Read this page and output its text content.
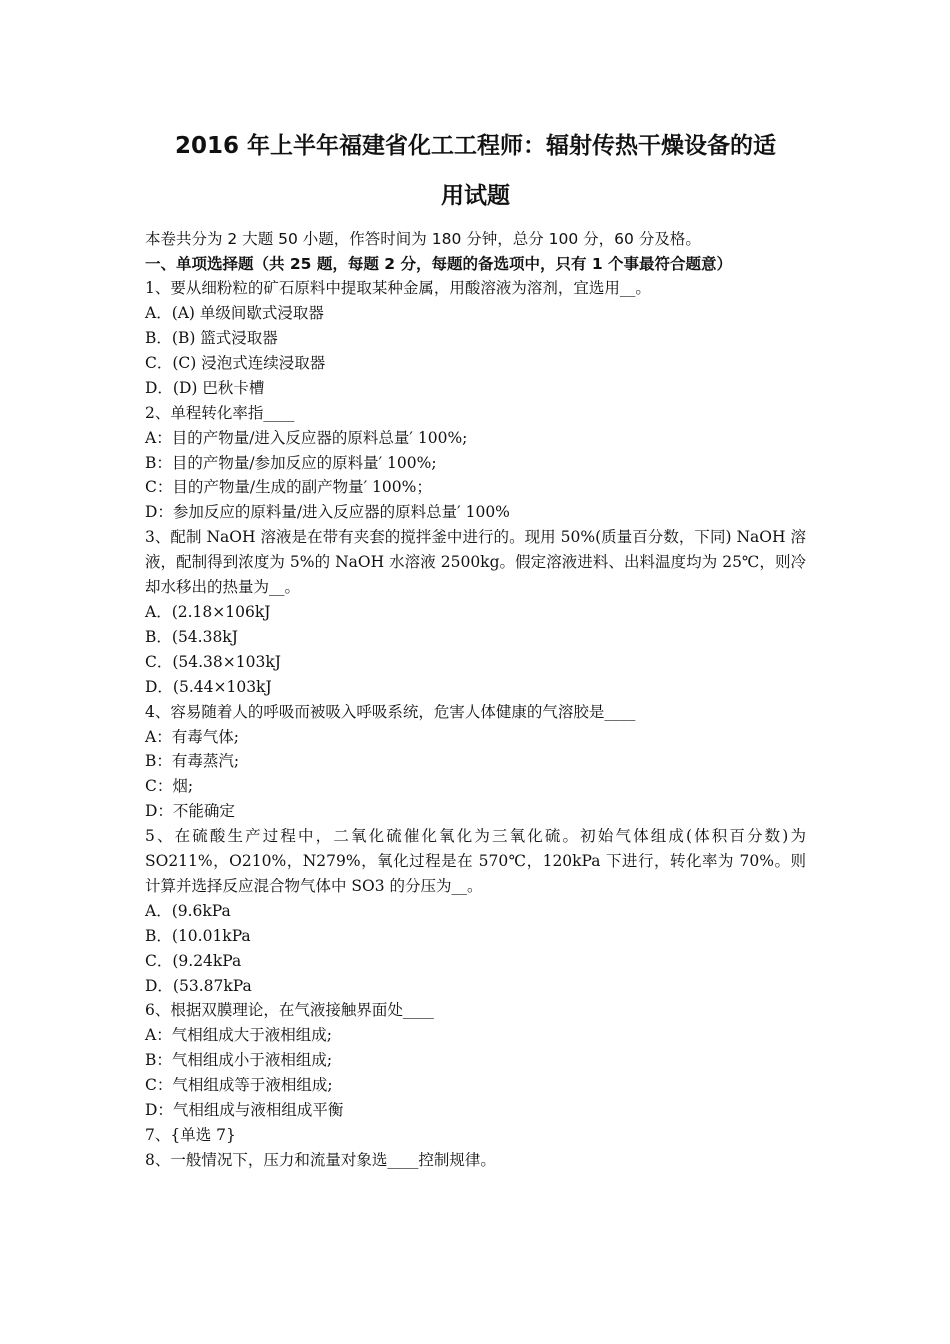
2016 年上半年福建省化工工程师：辐射传热干燥设备的适
用试题
本卷共分为 2 大题 50 小题，作答时间为 180 分钟，总分 100 分，60 分及格。
一、单项选择题（共 25 题，每题 2 分，每题的备选项中，只有 1 个事最符合题意）
1、要从细粉粒的矿石原料中提取某种金属，用酸溶液为溶剂，宜选用__。
A．(A) 单级间歇式浸取器
B．(B) 篮式浸取器
C．(C) 浸泡式连续浸取器
D．(D) 巴秋卡槽
2、单程转化率指____
A：目的产物量/进入反应器的原料总量′ 100%;
B：目的产物量/参加反应的原料量′ 100%;
C：目的产物量/生成的副产物量′ 100%；
D：参加反应的原料量/进入反应器的原料总量′ 100%
3、配制 NaOH 溶液是在带有夹套的搅拌釜中进行的。现用 50%(质量百分数，下同) NaOH 溶液，配制得到浓度为 5%的 NaOH 水溶液 2500kg。假定溶液进料、出料温度均为 25℃，则冷却水移出的热量为__。
A．(2.18×106kJ
B．(54.38kJ
C．(54.38×103kJ
D．(5.44×103kJ
4、容易随着人的呼吸而被吸入呼吸系统，危害人体健康的气溶胶是____
A：有毒气体;
B：有毒蒸汽;
C：烟;
D：不能确定
5、在硫酸生产过程中，二氧化硫催化氧化为三氧化硫。初始气体组成(体积百分数)为 SO211%，O210%，N279%，氧化过程是在 570℃，120kPa 下进行，转化率为 70%。则计算并选择反应混合物气体中 SO3 的分压为__。
A．(9.6kPa
B．(10.01kPa
C．(9.24kPa
D．(53.87kPa
6、根据双膜理论，在气液接触界面处____
A：气相组成大于液相组成;
B：气相组成小于液相组成;
C：气相组成等于液相组成;
D：气相组成与液相组成平衡
7、{单选 7}
8、一般情况下，压力和流量对象选____控制规律。
